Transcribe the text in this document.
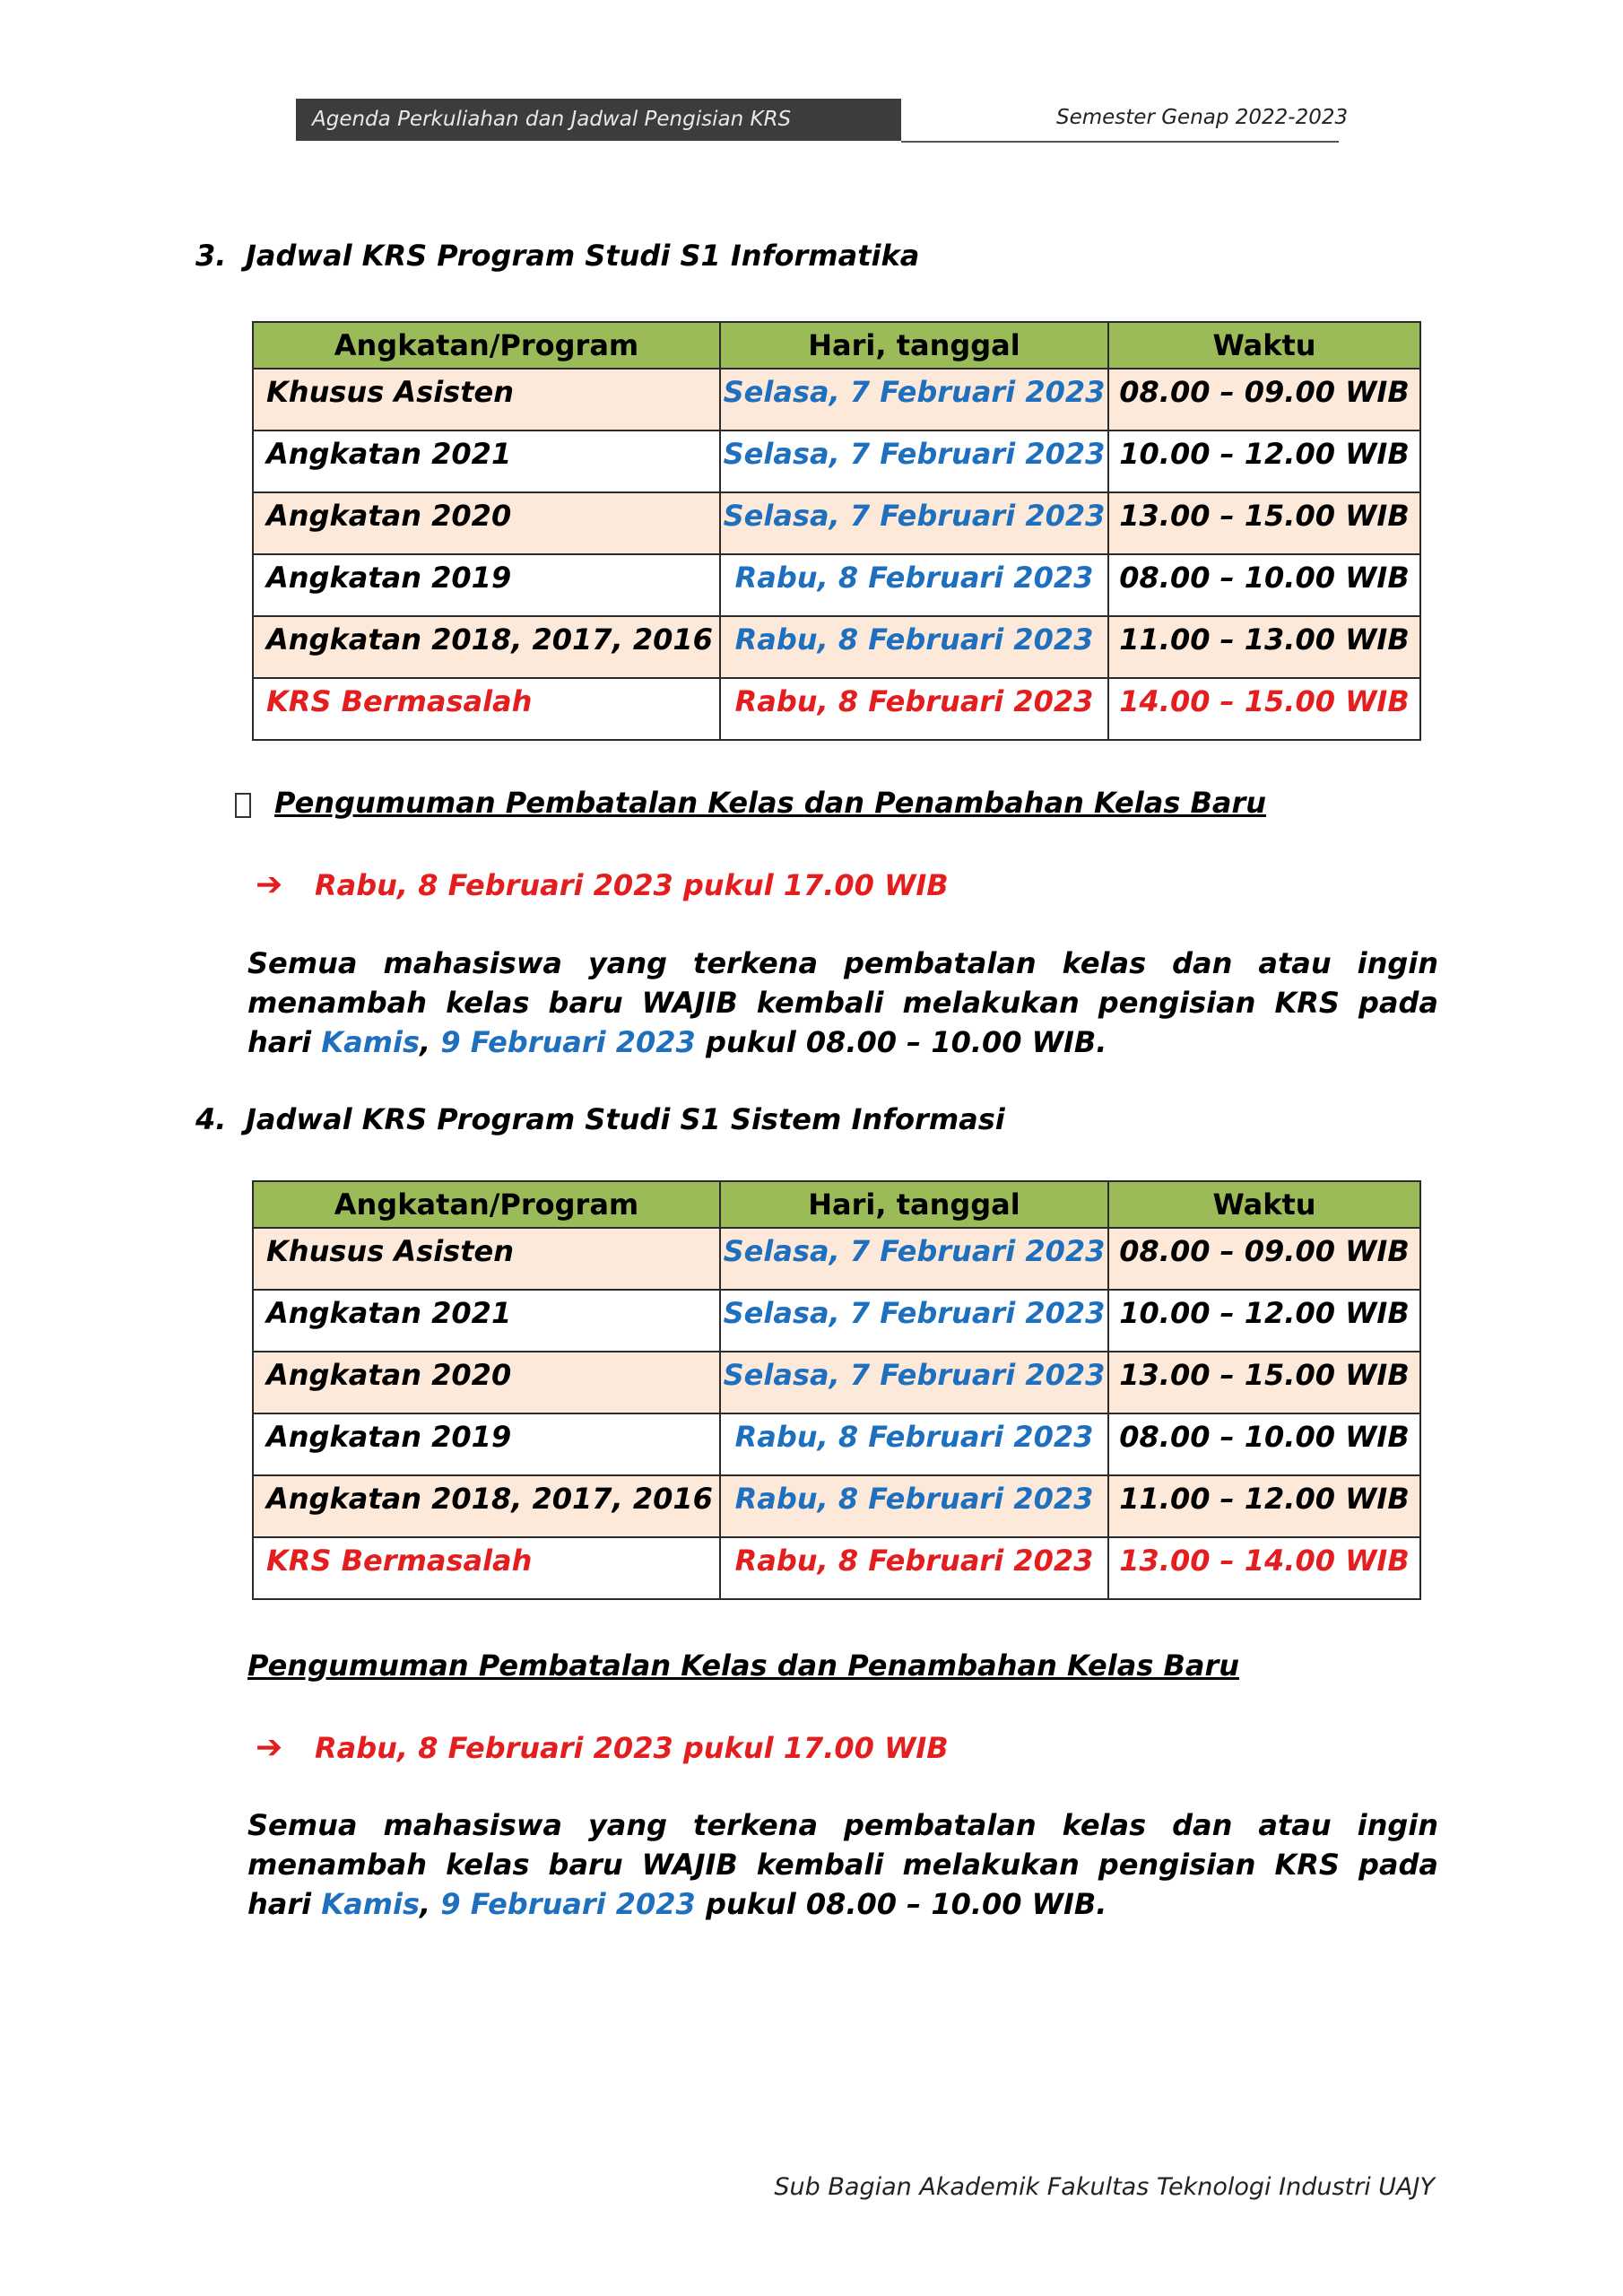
Agenda Perkuliahan dan Jadwal Pengisian KRS	Semester Genap 2022-2023
3. Jadwal KRS Program Studi S1 Informatika
Angkatan/Program	Hari, tanggal	Waktu
Khusus Asisten	Selasa, 7 Februari 2023	08.00 – 09.00 WIB
Angkatan 2021	Selasa, 7 Februari 2023	10.00 – 12.00 WIB
Angkatan 2020	Selasa, 7 Februari 2023	13.00 – 15.00 WIB
Angkatan 2019	Rabu, 8 Februari 2023	08.00 – 10.00 WIB
Angkatan 2018, 2017, 2016	Rabu, 8 Februari 2023	11.00 – 13.00 WIB
KRS Bermasalah	Rabu, 8 Februari 2023	14.00 – 15.00 WIB
Pengumuman Pembatalan Kelas dan Penambahan Kelas Baru
➔ Rabu, 8 Februari 2023 pukul 17.00 WIB
Semua mahasiswa yang terkena pembatalan kelas dan atau ingin menambah kelas baru WAJIB kembali melakukan pengisian KRS pada hari Kamis, 9 Februari 2023 pukul 08.00 – 10.00 WIB.
4. Jadwal KRS Program Studi S1 Sistem Informasi
Angkatan/Program	Hari, tanggal	Waktu
Khusus Asisten	Selasa, 7 Februari 2023	08.00 – 09.00 WIB
Angkatan 2021	Selasa, 7 Februari 2023	10.00 – 12.00 WIB
Angkatan 2020	Selasa, 7 Februari 2023	13.00 – 15.00 WIB
Angkatan 2019	Rabu, 8 Februari 2023	08.00 – 10.00 WIB
Angkatan 2018, 2017, 2016	Rabu, 8 Februari 2023	11.00 – 12.00 WIB
KRS Bermasalah	Rabu, 8 Februari 2023	13.00 – 14.00 WIB
Pengumuman Pembatalan Kelas dan Penambahan Kelas Baru
➔ Rabu, 8 Februari 2023 pukul 17.00 WIB
Semua mahasiswa yang terkena pembatalan kelas dan atau ingin menambah kelas baru WAJIB kembali melakukan pengisian KRS pada hari Kamis, 9 Februari 2023 pukul 08.00 – 10.00 WIB.
Sub Bagian Akademik Fakultas Teknologi Industri UAJY
